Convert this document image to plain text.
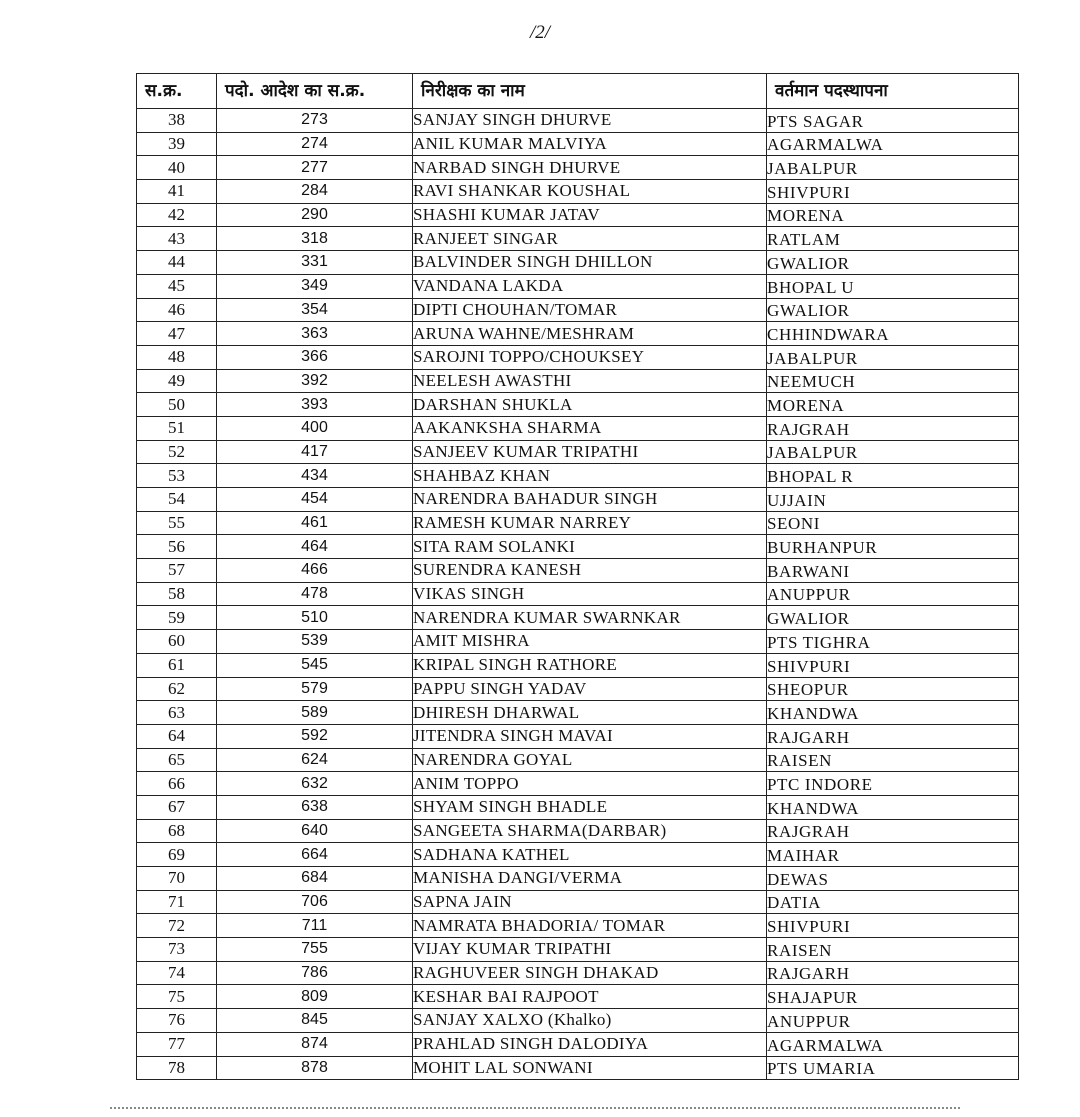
/2/
स.क्र.	पदो. आदेश का स.क्र.	निरीक्षक का नाम	वर्तमान पदस्थापना
38	273	SANJAY SINGH DHURVE	PTS SAGAR
39	274	ANIL KUMAR MALVIYA	AGARMALWA
40	277	NARBAD SINGH DHURVE	JABALPUR
41	284	RAVI SHANKAR KOUSHAL	SHIVPURI
42	290	SHASHI KUMAR JATAV	MORENA
43	318	RANJEET SINGAR	RATLAM
44	331	BALVINDER SINGH DHILLON	GWALIOR
45	349	VANDANA LAKDA	BHOPAL U
46	354	DIPTI CHOUHAN/TOMAR	GWALIOR
47	363	ARUNA WAHNE/MESHRAM	CHHINDWARA
48	366	SAROJNI TOPPO/CHOUKSEY	JABALPUR
49	392	NEELESH AWASTHI	NEEMUCH
50	393	DARSHAN SHUKLA	MORENA
51	400	AAKANKSHA SHARMA	RAJGRAH
52	417	SANJEEV KUMAR TRIPATHI	JABALPUR
53	434	SHAHBAZ KHAN	BHOPAL R
54	454	NARENDRA BAHADUR SINGH	UJJAIN
55	461	RAMESH KUMAR NARREY	SEONI
56	464	SITA RAM SOLANKI	BURHANPUR
57	466	SURENDRA KANESH	BARWANI
58	478	VIKAS SINGH	ANUPPUR
59	510	NARENDRA KUMAR SWARNKAR	GWALIOR
60	539	AMIT MISHRA	PTS TIGHRA
61	545	KRIPAL SINGH RATHORE	SHIVPURI
62	579	PAPPU SINGH YADAV	SHEOPUR
63	589	DHIRESH DHARWAL	KHANDWA
64	592	JITENDRA SINGH MAVAI	RAJGARH
65	624	NARENDRA GOYAL	RAISEN
66	632	ANIM TOPPO	PTC INDORE
67	638	SHYAM SINGH BHADLE	KHANDWA
68	640	SANGEETA SHARMA(DARBAR)	RAJGRAH
69	664	SADHANA KATHEL	MAIHAR
70	684	MANISHA DANGI/VERMA	DEWAS
71	706	SAPNA JAIN	DATIA
72	711	NAMRATA BHADORIA/ TOMAR	SHIVPURI
73	755	VIJAY KUMAR TRIPATHI	RAISEN
74	786	RAGHUVEER SINGH DHAKAD	RAJGARH
75	809	KESHAR BAI RAJPOOT	SHAJAPUR
76	845	SANJAY XALXO (Khalko)	ANUPPUR
77	874	PRAHLAD SINGH DALODIYA	AGARMALWA
78	878	MOHIT LAL SONWANI	PTS UMARIA
